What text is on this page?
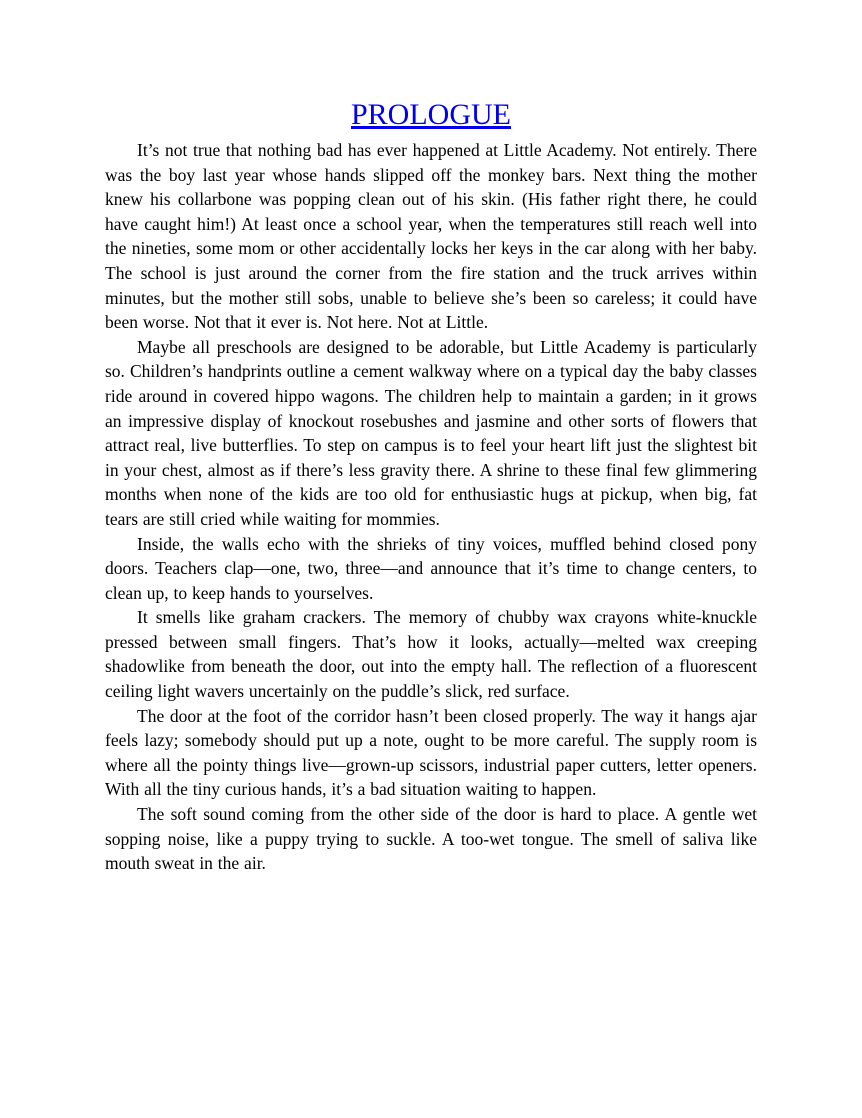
PROLOGUE

It’s not true that nothing bad has ever happened at Little Academy. Not entirely. There was the boy last year whose hands slipped off the monkey bars. Next thing the mother knew his collarbone was popping clean out of his skin. (His father right there, he could have caught him!) At least once a school year, when the temperatures still reach well into the nineties, some mom or other accidentally locks her keys in the car along with her baby. The school is just around the corner from the fire station and the truck arrives within minutes, but the mother still sobs, unable to believe she’s been so careless; it could have been worse. Not that it ever is. Not here. Not at Little.

Maybe all preschools are designed to be adorable, but Little Academy is particularly so. Children’s handprints outline a cement walkway where on a typical day the baby classes ride around in covered hippo wagons. The children help to maintain a garden; in it grows an impressive display of knockout rosebushes and jasmine and other sorts of flowers that attract real, live butterflies. To step on campus is to feel your heart lift just the slightest bit in your chest, almost as if there’s less gravity there. A shrine to these final few glimmering months when none of the kids are too old for enthusiastic hugs at pickup, when big, fat tears are still cried while waiting for mommies.

Inside, the walls echo with the shrieks of tiny voices, muffled behind closed pony doors. Teachers clap—one, two, three—and announce that it’s time to change centers, to clean up, to keep hands to yourselves.

It smells like graham crackers. The memory of chubby wax crayons white-knuckle pressed between small fingers. That’s how it looks, actually—melted wax creeping shadowlike from beneath the door, out into the empty hall. The reflection of a fluorescent ceiling light wavers uncertainly on the puddle’s slick, red surface.

The door at the foot of the corridor hasn’t been closed properly. The way it hangs ajar feels lazy; somebody should put up a note, ought to be more careful. The supply room is where all the pointy things live—grown-up scissors, industrial paper cutters, letter openers. With all the tiny curious hands, it’s a bad situation waiting to happen.

The soft sound coming from the other side of the door is hard to place. A gentle wet sopping noise, like a puppy trying to suckle. A too-wet tongue. The smell of saliva like mouth sweat in the air.
